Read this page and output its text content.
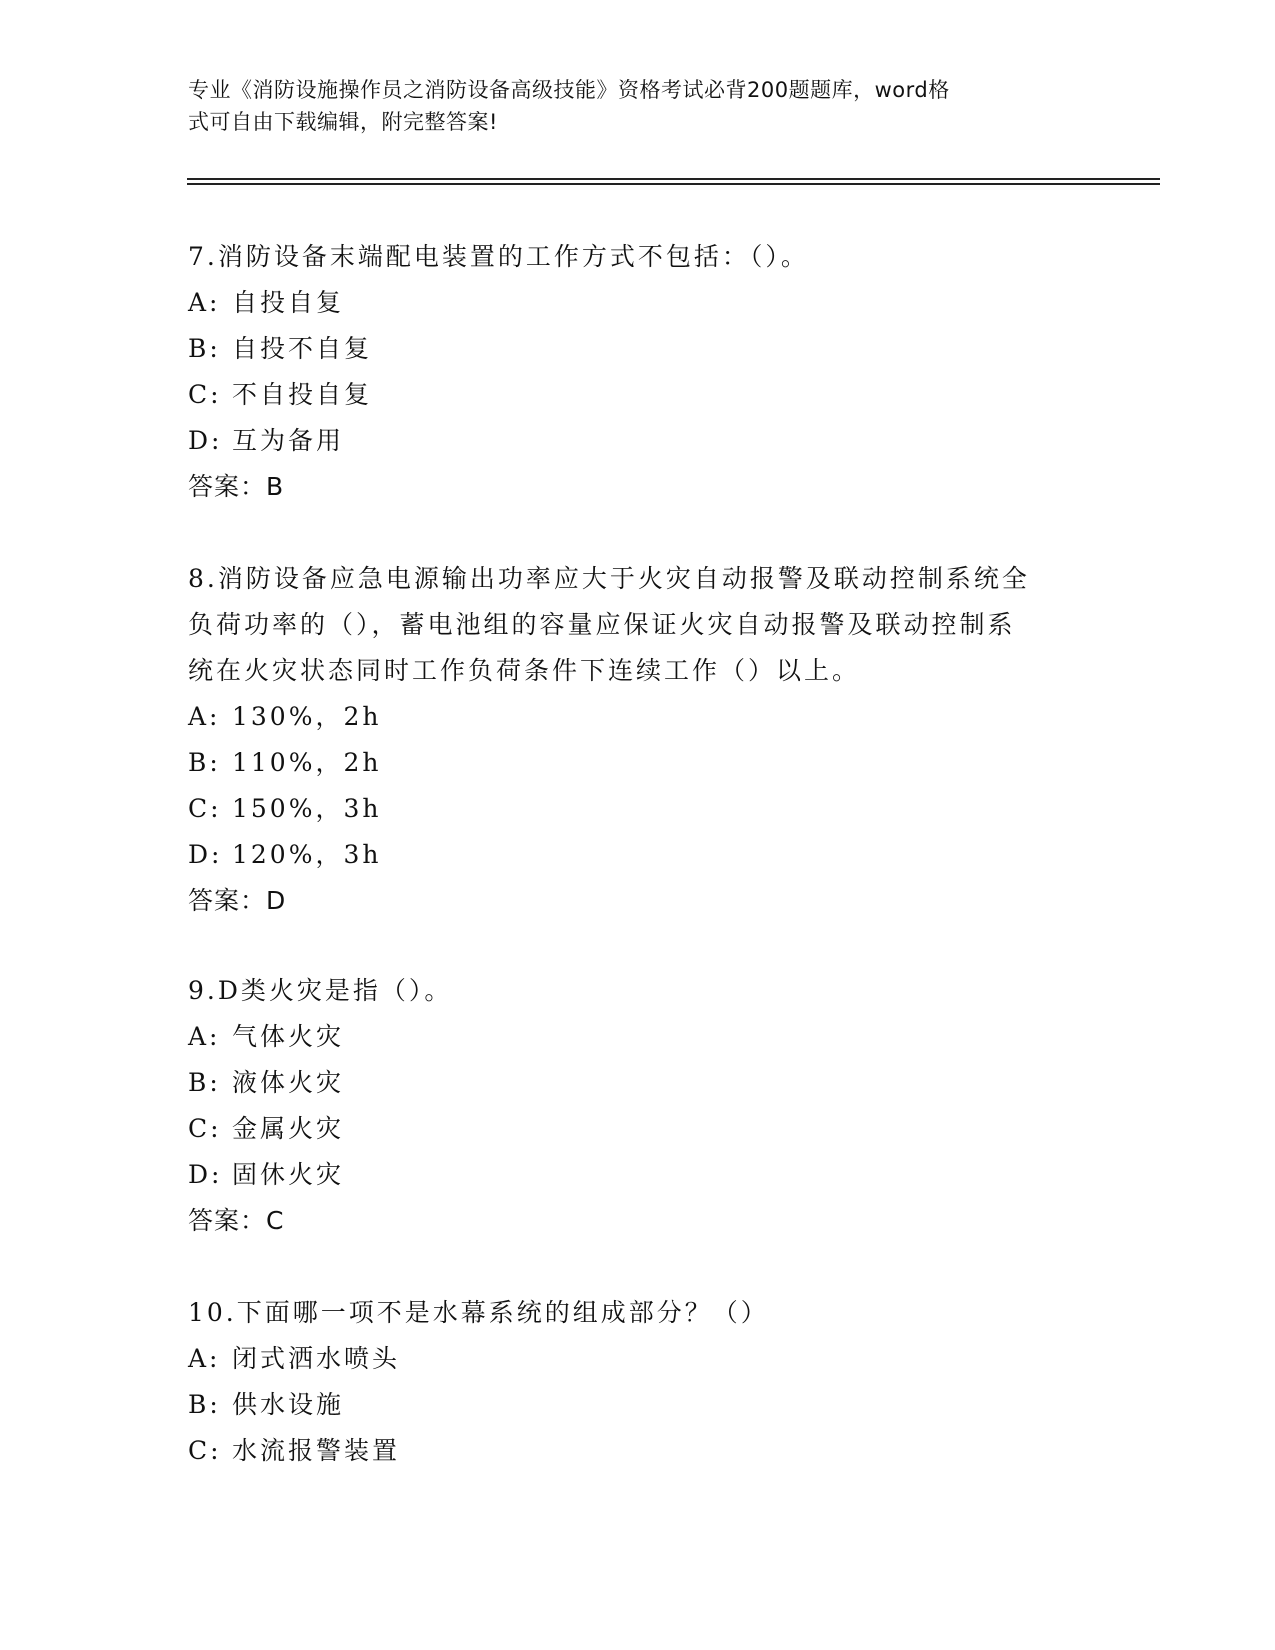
专业《消防设施操作员之消防设备高级技能》资格考试必背200题题库，word格
式可自由下载编辑，附完整答案!
7.消防设备末端配电装置的工作方式不包括：（）。
A: 自投自复
B: 自投不自复
C: 不自投自复
D: 互为备用
答案：B
8.消防设备应急电源输出功率应大于火灾自动报警及联动控制系统全
负荷功率的（），蓄电池组的容量应保证火灾自动报警及联动控制系
统在火灾状态同时工作负荷条件下连续工作（）以上。
A: 130%，2h
B: 110%，2h
C: 150%，3h
D: 120%，3h
答案：D
9.D类火灾是指（）。
A: 气体火灾
B: 液体火灾
C: 金属火灾
D: 固休火灾
答案：C
10.下面哪一项不是水幕系统的组成部分？（）
A: 闭式洒水喷头
B: 供水设施
C: 水流报警装置
